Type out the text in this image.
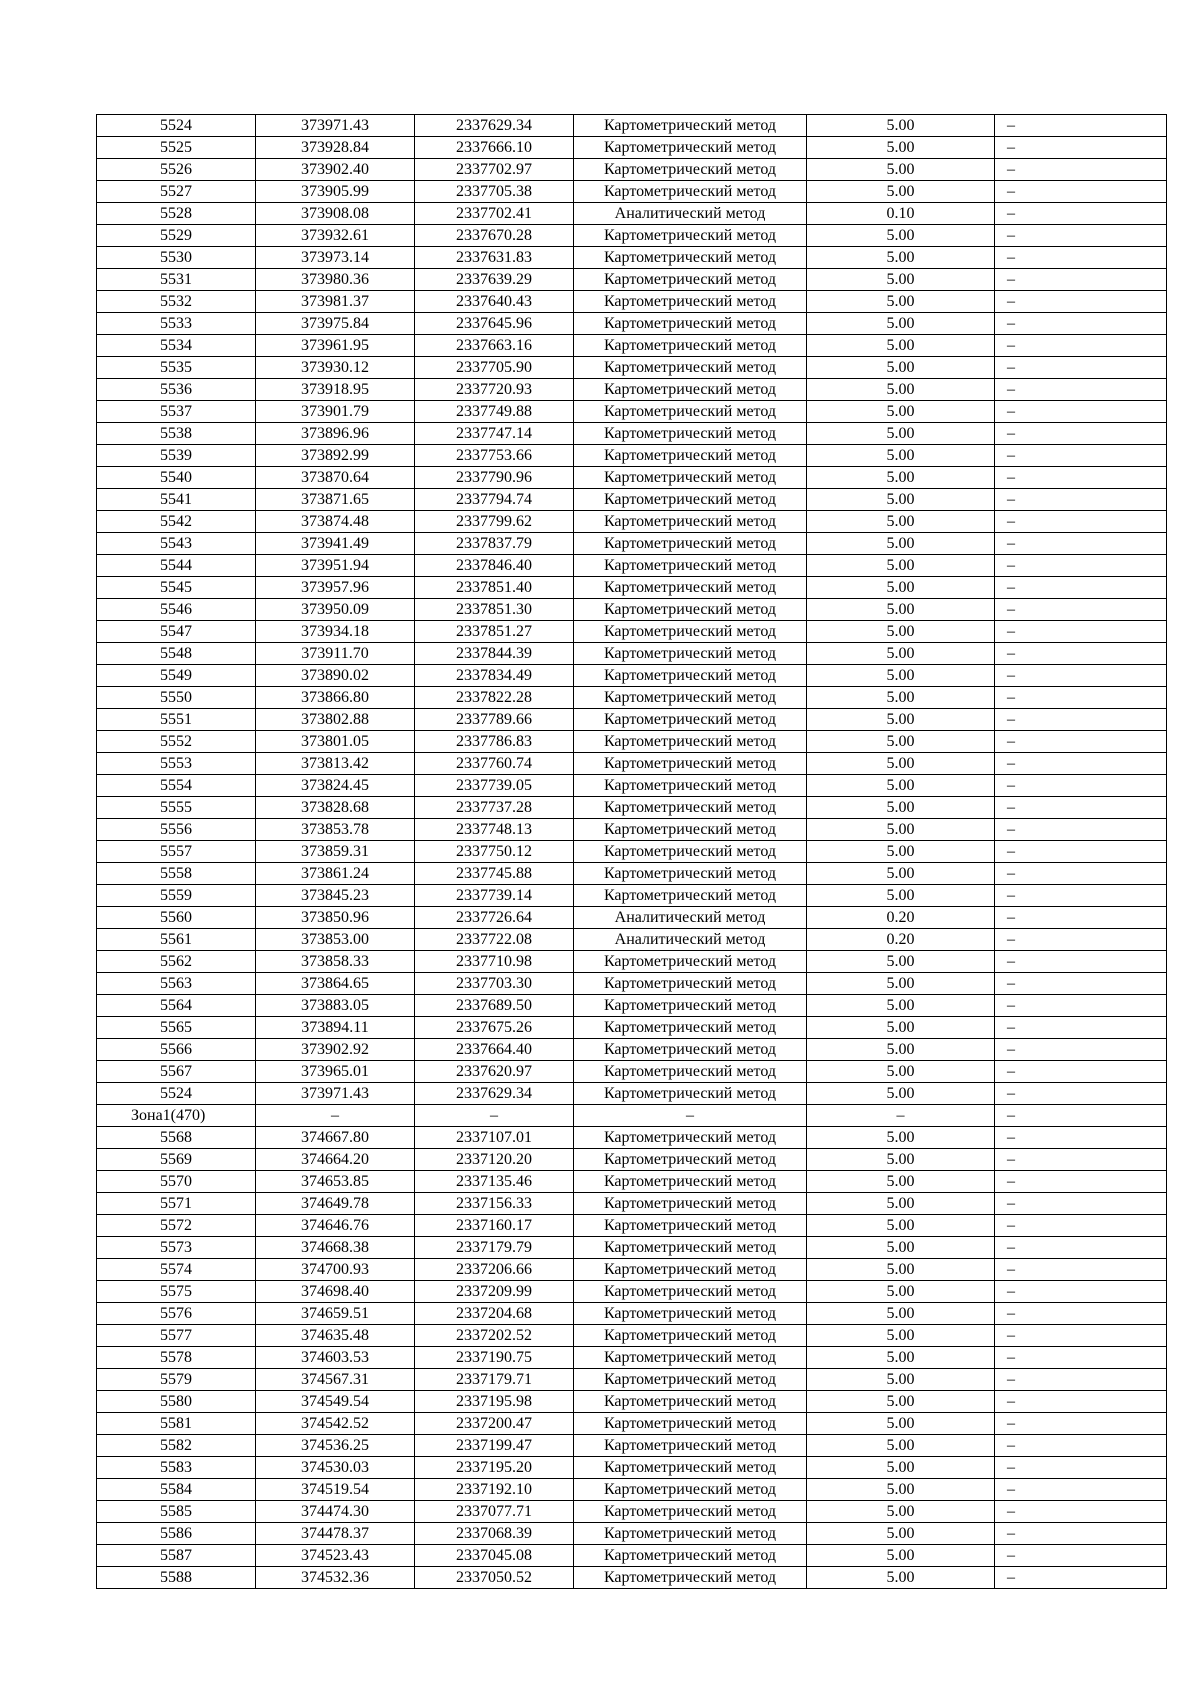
5524	373971.43	2337629.34	Картометрический метод	5.00	–
5525	373928.84	2337666.10	Картометрический метод	5.00	–
5526	373902.40	2337702.97	Картометрический метод	5.00	–
5527	373905.99	2337705.38	Картометрический метод	5.00	–
5528	373908.08	2337702.41	Аналитический метод	0.10	–
5529	373932.61	2337670.28	Картометрический метод	5.00	–
5530	373973.14	2337631.83	Картометрический метод	5.00	–
5531	373980.36	2337639.29	Картометрический метод	5.00	–
5532	373981.37	2337640.43	Картометрический метод	5.00	–
5533	373975.84	2337645.96	Картометрический метод	5.00	–
5534	373961.95	2337663.16	Картометрический метод	5.00	–
5535	373930.12	2337705.90	Картометрический метод	5.00	–
5536	373918.95	2337720.93	Картометрический метод	5.00	–
5537	373901.79	2337749.88	Картометрический метод	5.00	–
5538	373896.96	2337747.14	Картометрический метод	5.00	–
5539	373892.99	2337753.66	Картометрический метод	5.00	–
5540	373870.64	2337790.96	Картометрический метод	5.00	–
5541	373871.65	2337794.74	Картометрический метод	5.00	–
5542	373874.48	2337799.62	Картометрический метод	5.00	–
5543	373941.49	2337837.79	Картометрический метод	5.00	–
5544	373951.94	2337846.40	Картометрический метод	5.00	–
5545	373957.96	2337851.40	Картометрический метод	5.00	–
5546	373950.09	2337851.30	Картометрический метод	5.00	–
5547	373934.18	2337851.27	Картометрический метод	5.00	–
5548	373911.70	2337844.39	Картометрический метод	5.00	–
5549	373890.02	2337834.49	Картометрический метод	5.00	–
5550	373866.80	2337822.28	Картометрический метод	5.00	–
5551	373802.88	2337789.66	Картометрический метод	5.00	–
5552	373801.05	2337786.83	Картометрический метод	5.00	–
5553	373813.42	2337760.74	Картометрический метод	5.00	–
5554	373824.45	2337739.05	Картометрический метод	5.00	–
5555	373828.68	2337737.28	Картометрический метод	5.00	–
5556	373853.78	2337748.13	Картометрический метод	5.00	–
5557	373859.31	2337750.12	Картометрический метод	5.00	–
5558	373861.24	2337745.88	Картометрический метод	5.00	–
5559	373845.23	2337739.14	Картометрический метод	5.00	–
5560	373850.96	2337726.64	Аналитический метод	0.20	–
5561	373853.00	2337722.08	Аналитический метод	0.20	–
5562	373858.33	2337710.98	Картометрический метод	5.00	–
5563	373864.65	2337703.30	Картометрический метод	5.00	–
5564	373883.05	2337689.50	Картометрический метод	5.00	–
5565	373894.11	2337675.26	Картометрический метод	5.00	–
5566	373902.92	2337664.40	Картометрический метод	5.00	–
5567	373965.01	2337620.97	Картометрический метод	5.00	–
5524	373971.43	2337629.34	Картометрический метод	5.00	–
Зона1(470)	–	–	–	–	–
5568	374667.80	2337107.01	Картометрический метод	5.00	–
5569	374664.20	2337120.20	Картометрический метод	5.00	–
5570	374653.85	2337135.46	Картометрический метод	5.00	–
5571	374649.78	2337156.33	Картометрический метод	5.00	–
5572	374646.76	2337160.17	Картометрический метод	5.00	–
5573	374668.38	2337179.79	Картометрический метод	5.00	–
5574	374700.93	2337206.66	Картометрический метод	5.00	–
5575	374698.40	2337209.99	Картометрический метод	5.00	–
5576	374659.51	2337204.68	Картометрический метод	5.00	–
5577	374635.48	2337202.52	Картометрический метод	5.00	–
5578	374603.53	2337190.75	Картометрический метод	5.00	–
5579	374567.31	2337179.71	Картометрический метод	5.00	–
5580	374549.54	2337195.98	Картометрический метод	5.00	–
5581	374542.52	2337200.47	Картометрический метод	5.00	–
5582	374536.25	2337199.47	Картометрический метод	5.00	–
5583	374530.03	2337195.20	Картометрический метод	5.00	–
5584	374519.54	2337192.10	Картометрический метод	5.00	–
5585	374474.30	2337077.71	Картометрический метод	5.00	–
5586	374478.37	2337068.39	Картометрический метод	5.00	–
5587	374523.43	2337045.08	Картометрический метод	5.00	–
5588	374532.36	2337050.52	Картометрический метод	5.00	–
